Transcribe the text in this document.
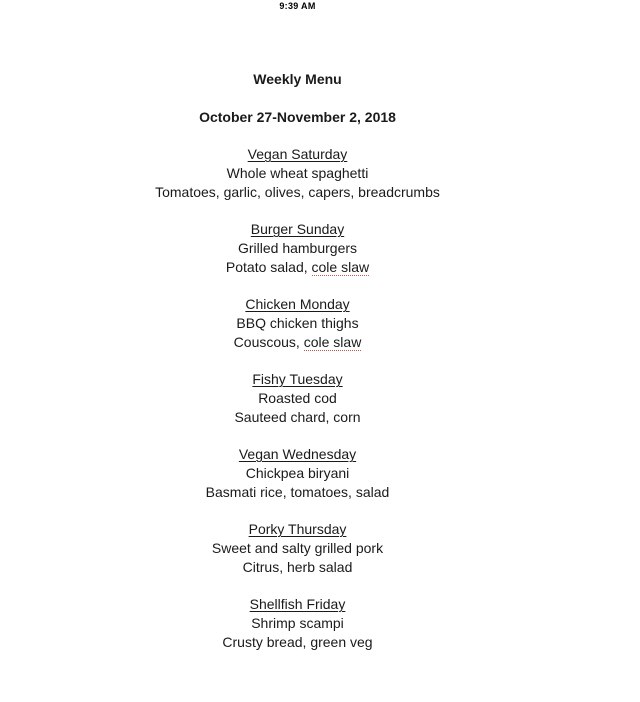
9:39 AM
Weekly Menu
October 27-November 2, 2018
Vegan Saturday
Whole wheat spaghetti
Tomatoes, garlic, olives, capers, breadcrumbs
Burger Sunday
Grilled hamburgers
Potato salad, cole slaw
Chicken Monday
BBQ chicken thighs
Couscous, cole slaw
Fishy Tuesday
Roasted cod
Sauteed chard, corn
Vegan Wednesday
Chickpea biryani
Basmati rice, tomatoes, salad
Porky Thursday
Sweet and salty grilled pork
Citrus, herb salad
Shellfish Friday
Shrimp scampi
Crusty bread, green veg
